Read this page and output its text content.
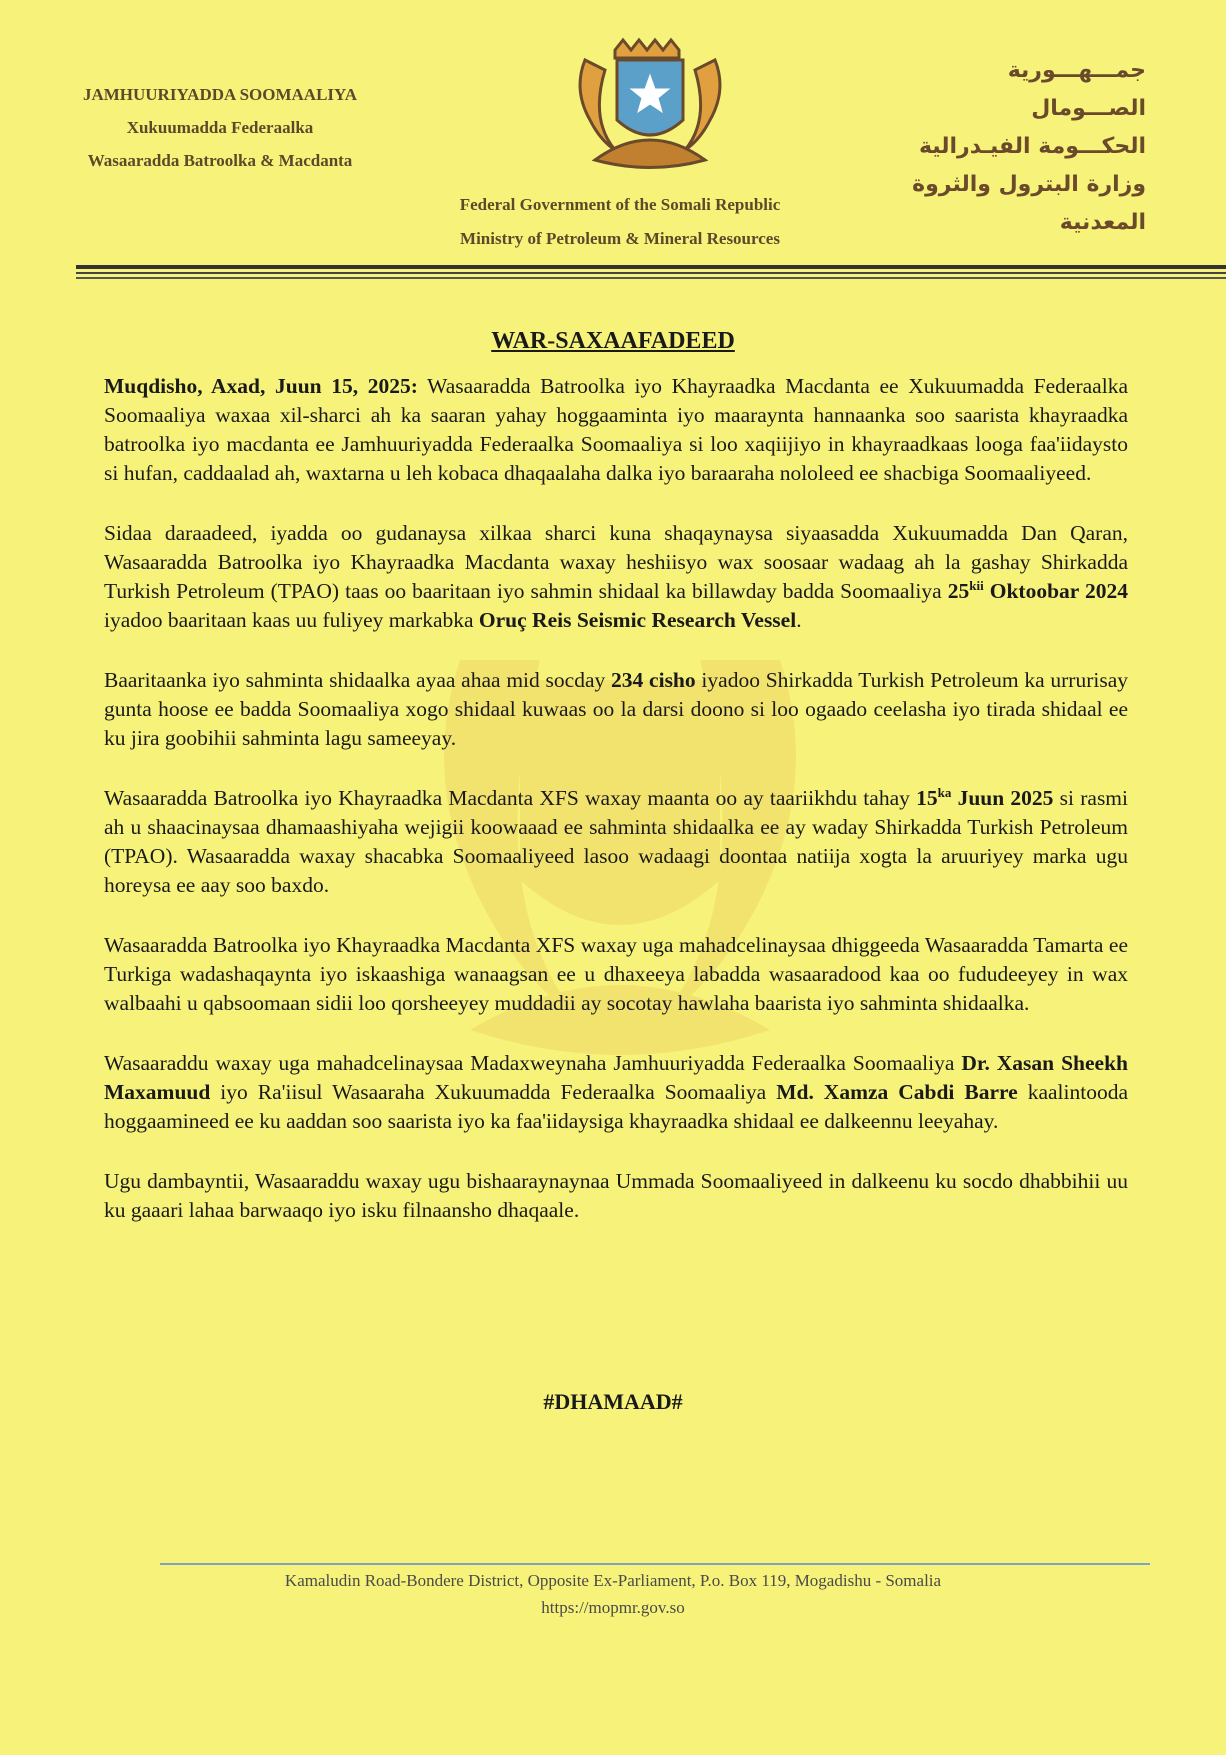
JAMHUURIYADDA SOOMAALIYA
Xukuumadda Federaalka
Wasaaradda Batroolka & Macdanta
جمـــهـــورية الصـــومال
الحكـــومة الفيـدرالية
وزارة البترول والثروة المعدنية
Federal Government of the Somali Republic
Ministry of Petroleum & Mineral Resources
WAR-SAXAAFADEED

Muqdisho, Axad, Juun 15, 2025: Wasaaradda Batroolka iyo Khayraadka Macdanta ee Xukuumadda Federaalka Soomaaliya waxaa xil-sharci ah ka saaran yahay hoggaaminta iyo maaraynta hannaanka soo saarista khayraadka batroolka iyo macdanta ee Jamhuuriyadda Federaalka Soomaaliya si loo xaqiijiyo in khayraadkaas looga faa'iidaysto si hufan, caddaalad ah, waxtarna u leh kobaca dhaqaalaha dalka iyo baraaraha nololeed ee shacbiga Soomaaliyeed.

Sidaa daraadeed, iyadda oo gudanaysa xilkaa sharci kuna shaqaynaysa siyaasadda Xukuumadda Dan Qaran, Wasaaradda Batroolka iyo Khayraadka Macdanta waxay heshiisyo wax soosaar wadaag ah la gashay Shirkadda Turkish Petroleum (TPAO) taas oo baaritaan iyo sahmin shidaal ka billawday badda Soomaaliya $25^{kii}$ Oktoobar 2024 iyadoo baaritaan kaas uu fuliyey markabka Oruç Reis Seismic Research Vessel.

Baaritaanka iyo sahminta shidaalka ayaa ahaa mid socday 234 cisho iyadoo Shirkadda Turkish Petroleum ka urrurisay gunta hoose ee badda Soomaaliya xogo shidaal kuwaas oo la darsi doono si loo ogaado ceelasha iyo tirada shidaal ee ku jira goobihii sahminta lagu sameeyay.

Wasaaradda Batroolka iyo Khayraadka Macdanta XFS waxay maanta oo ay taariikhdu tahay $15^{ka}$ Juun 2025 si rasmi ah u shaacinaysaa dhamaashiyaha wejigii koowaaad ee sahminta shidaalka ee ay waday Shirkadda Turkish Petroleum (TPAO). Wasaaradda waxay shacabka Soomaaliyeed lasoo wadaagi doontaa natiija xogta la aruuriyey marka ugu horeysa ee aay soo baxdo.

Wasaaradda Batroolka iyo Khayraadka Macdanta XFS waxay uga mahadcelinaysaa dhiggeeda Wasaaradda Tamarta ee Turkiga wadashaqaynta iyo iskaashiga wanaagsan ee u dhaxeeya labadda wasaaradood kaa oo fududeeyey in wax walbaahi u qabsoomaan sidii loo qorsheeyey muddadii ay socotay hawlaha baarista iyo sahminta shidaalka.

Wasaaraddu waxay uga mahadcelinaysaa Madaxweynaha Jamhuuriyadda Federaalka Soomaaliya Dr. Xasan Sheekh Maxamuud iyo Ra'iisul Wasaaraha Xukuumadda Federaalka Soomaaliya Md. Xamza Cabdi Barre kaalintooda hoggaamineed ee ku aaddan soo saarista iyo ka faa'iidaysiga khayraadka shidaal ee dalkeennu leeyahay.

Ugu dambayntii, Wasaaraddu waxay ugu bishaaraynaynaa Ummada Soomaaliyeed in dalkeenu ku socdo dhabbihii uu ku gaaari lahaa barwaaqo iyo isku filnaansho dhaqaale.

#DHAMAAD#
Kamaludin Road-Bondere District, Opposite Ex-Parliament, P.o. Box 119, Mogadishu - Somalia
https://mopmr.gov.so
